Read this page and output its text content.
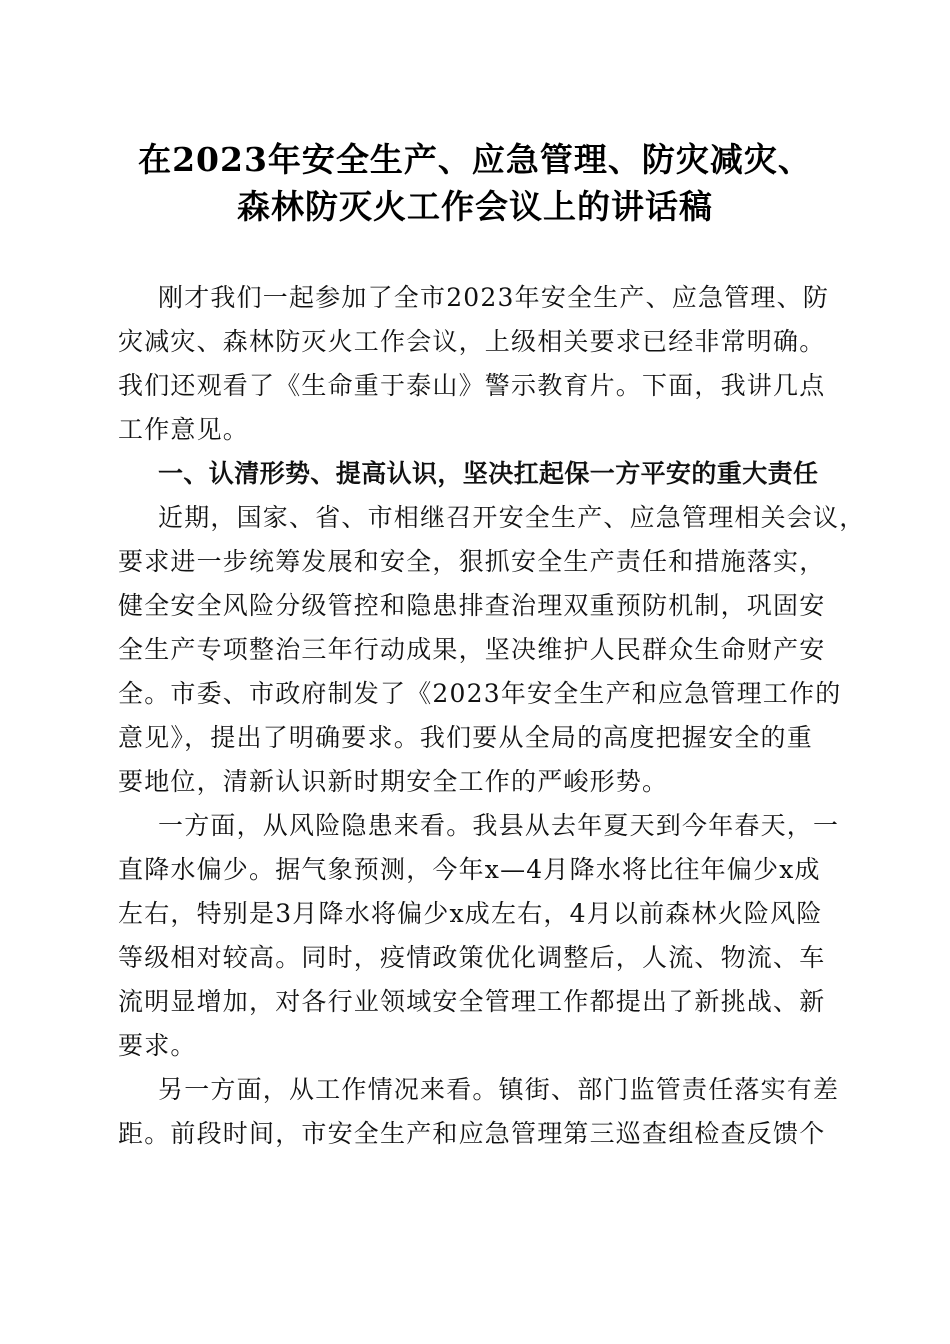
在2023年安全生产、应急管理、防灾减灾、
森林防灭火工作会议上的讲话稿
刚才我们一起参加了全市2023年安全生产、应急管理、防
灾减灾、森林防灭火工作会议，上级相关要求已经非常明确。
我们还观看了《生命重于泰山》警示教育片。下面，我讲几点
工作意见。
一、认清形势、提高认识，坚决扛起保一方平安的重大责任
近期，国家、省、市相继召开安全生产、应急管理相关会议，
要求进一步统筹发展和安全，狠抓安全生产责任和措施落实，
健全安全风险分级管控和隐患排查治理双重预防机制，巩固安
全生产专项整治三年行动成果，坚决维护人民群众生命财产安
全。市委、市政府制发了《2023年安全生产和应急管理工作的
意见》，提出了明确要求。我们要从全局的高度把握安全的重
要地位，清新认识新时期安全工作的严峻形势。
一方面，从风险隐患来看。我县从去年夏天到今年春天，一
直降水偏少。据气象预测，今年x—4月降水将比往年偏少x成
左右，特别是3月降水将偏少x成左右，4月以前森林火险风险
等级相对较高。同时，疫情政策优化调整后，人流、物流、车
流明显增加，对各行业领域安全管理工作都提出了新挑战、新
要求。
另一方面，从工作情况来看。镇街、部门监管责任落实有差
距。前段时间，市安全生产和应急管理第三巡查组检查反馈个
